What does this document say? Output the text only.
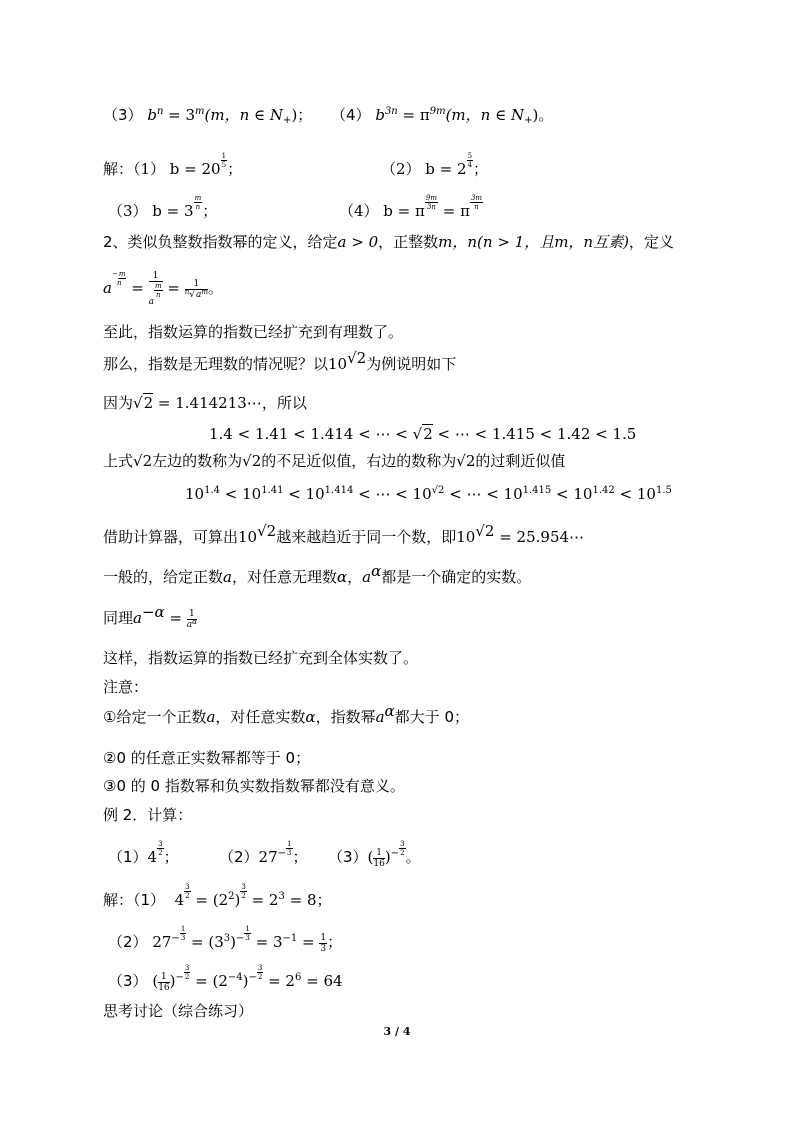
（3） $b^n = 3^m(m$，n ∈ $N_+$)； （4） $b^{3n} = \pi^{9m}(m$，n ∈ $N_+$)。
解：（1） $b = 20 \frac{1}{5}$ ；	（2） $b = 2 \frac{5}{4}$ ；
（3） $b = 3 \frac{m}{n}$ ；	（4） b = π $\frac{9m}{3n} = \pi \frac{3m}{n}$
2、类似负整数指数幂的定义，给定a > 0，正整数m，n(n > 1，且m，n互素)，定义
a−m
n =
1
a
$\frac{m}{n} = \frac{1}{^n√a^m}$ 。
至此，指数运算的指数已经扩充到有理数了。
那么，指数是无理数的情况呢？以$10^{√2}$为例说明如下
因为√2 = 1.414213⋯，所以
1.4 < 1.41 < 1.414 < ⋯ < √2 < ⋯ < 1.415 < 1.42 < 1.5
上式√2左边的数称为√2的不足近似值，右边的数称为√2的过剩近似值
$10^{1.4} < 10^{1.41} < 10^{1.414}$ < ⋯ < $10^{√2}$ < ⋯ < $10^{1.415} < 10^{1.42} < 10^{1.5}$
借助计算器，可算出$10^{√2}$越来越趋近于同一个数，即$10^{√2}$ = 25.954⋯
一般的，给定正数a，对任意无理数α，$a^\alpha$都是一个确定的实数。
同理$a^{-\alpha} = \frac{1}{a^\alpha}$
这样，指数运算的指数已经扩充到全体实数了。
注意：
①给定一个正数a，对任意实数α，指数幂$a^\alpha$都大于 0；
②0 的任意正实数幂都等于 0；
③0 的 0 指数幂和负实数指数幂都没有意义。
例 2．计算：
$(1)4 \frac{3}{2}$ ；	$(2)27^- \frac{1}{3}$ ； $(3)( \frac{1}{16} )^- \frac{3}{2}$ 。
解：（1） $4 \frac{3}{2} = (2^2) \frac{3}{2} = 2^3 = 8$；
（2） $27^- \frac{1}{3} = (3^3)^- \frac{1}{3} = 3^{-1} = \frac{1}{3}$ ；
（3） ( $\frac{1}{16} )^- \frac{3}{2} = (2^{-4})^- \frac{3}{2} = 2^6 = 64$
思考讨论（综合练习）
3 / 4
